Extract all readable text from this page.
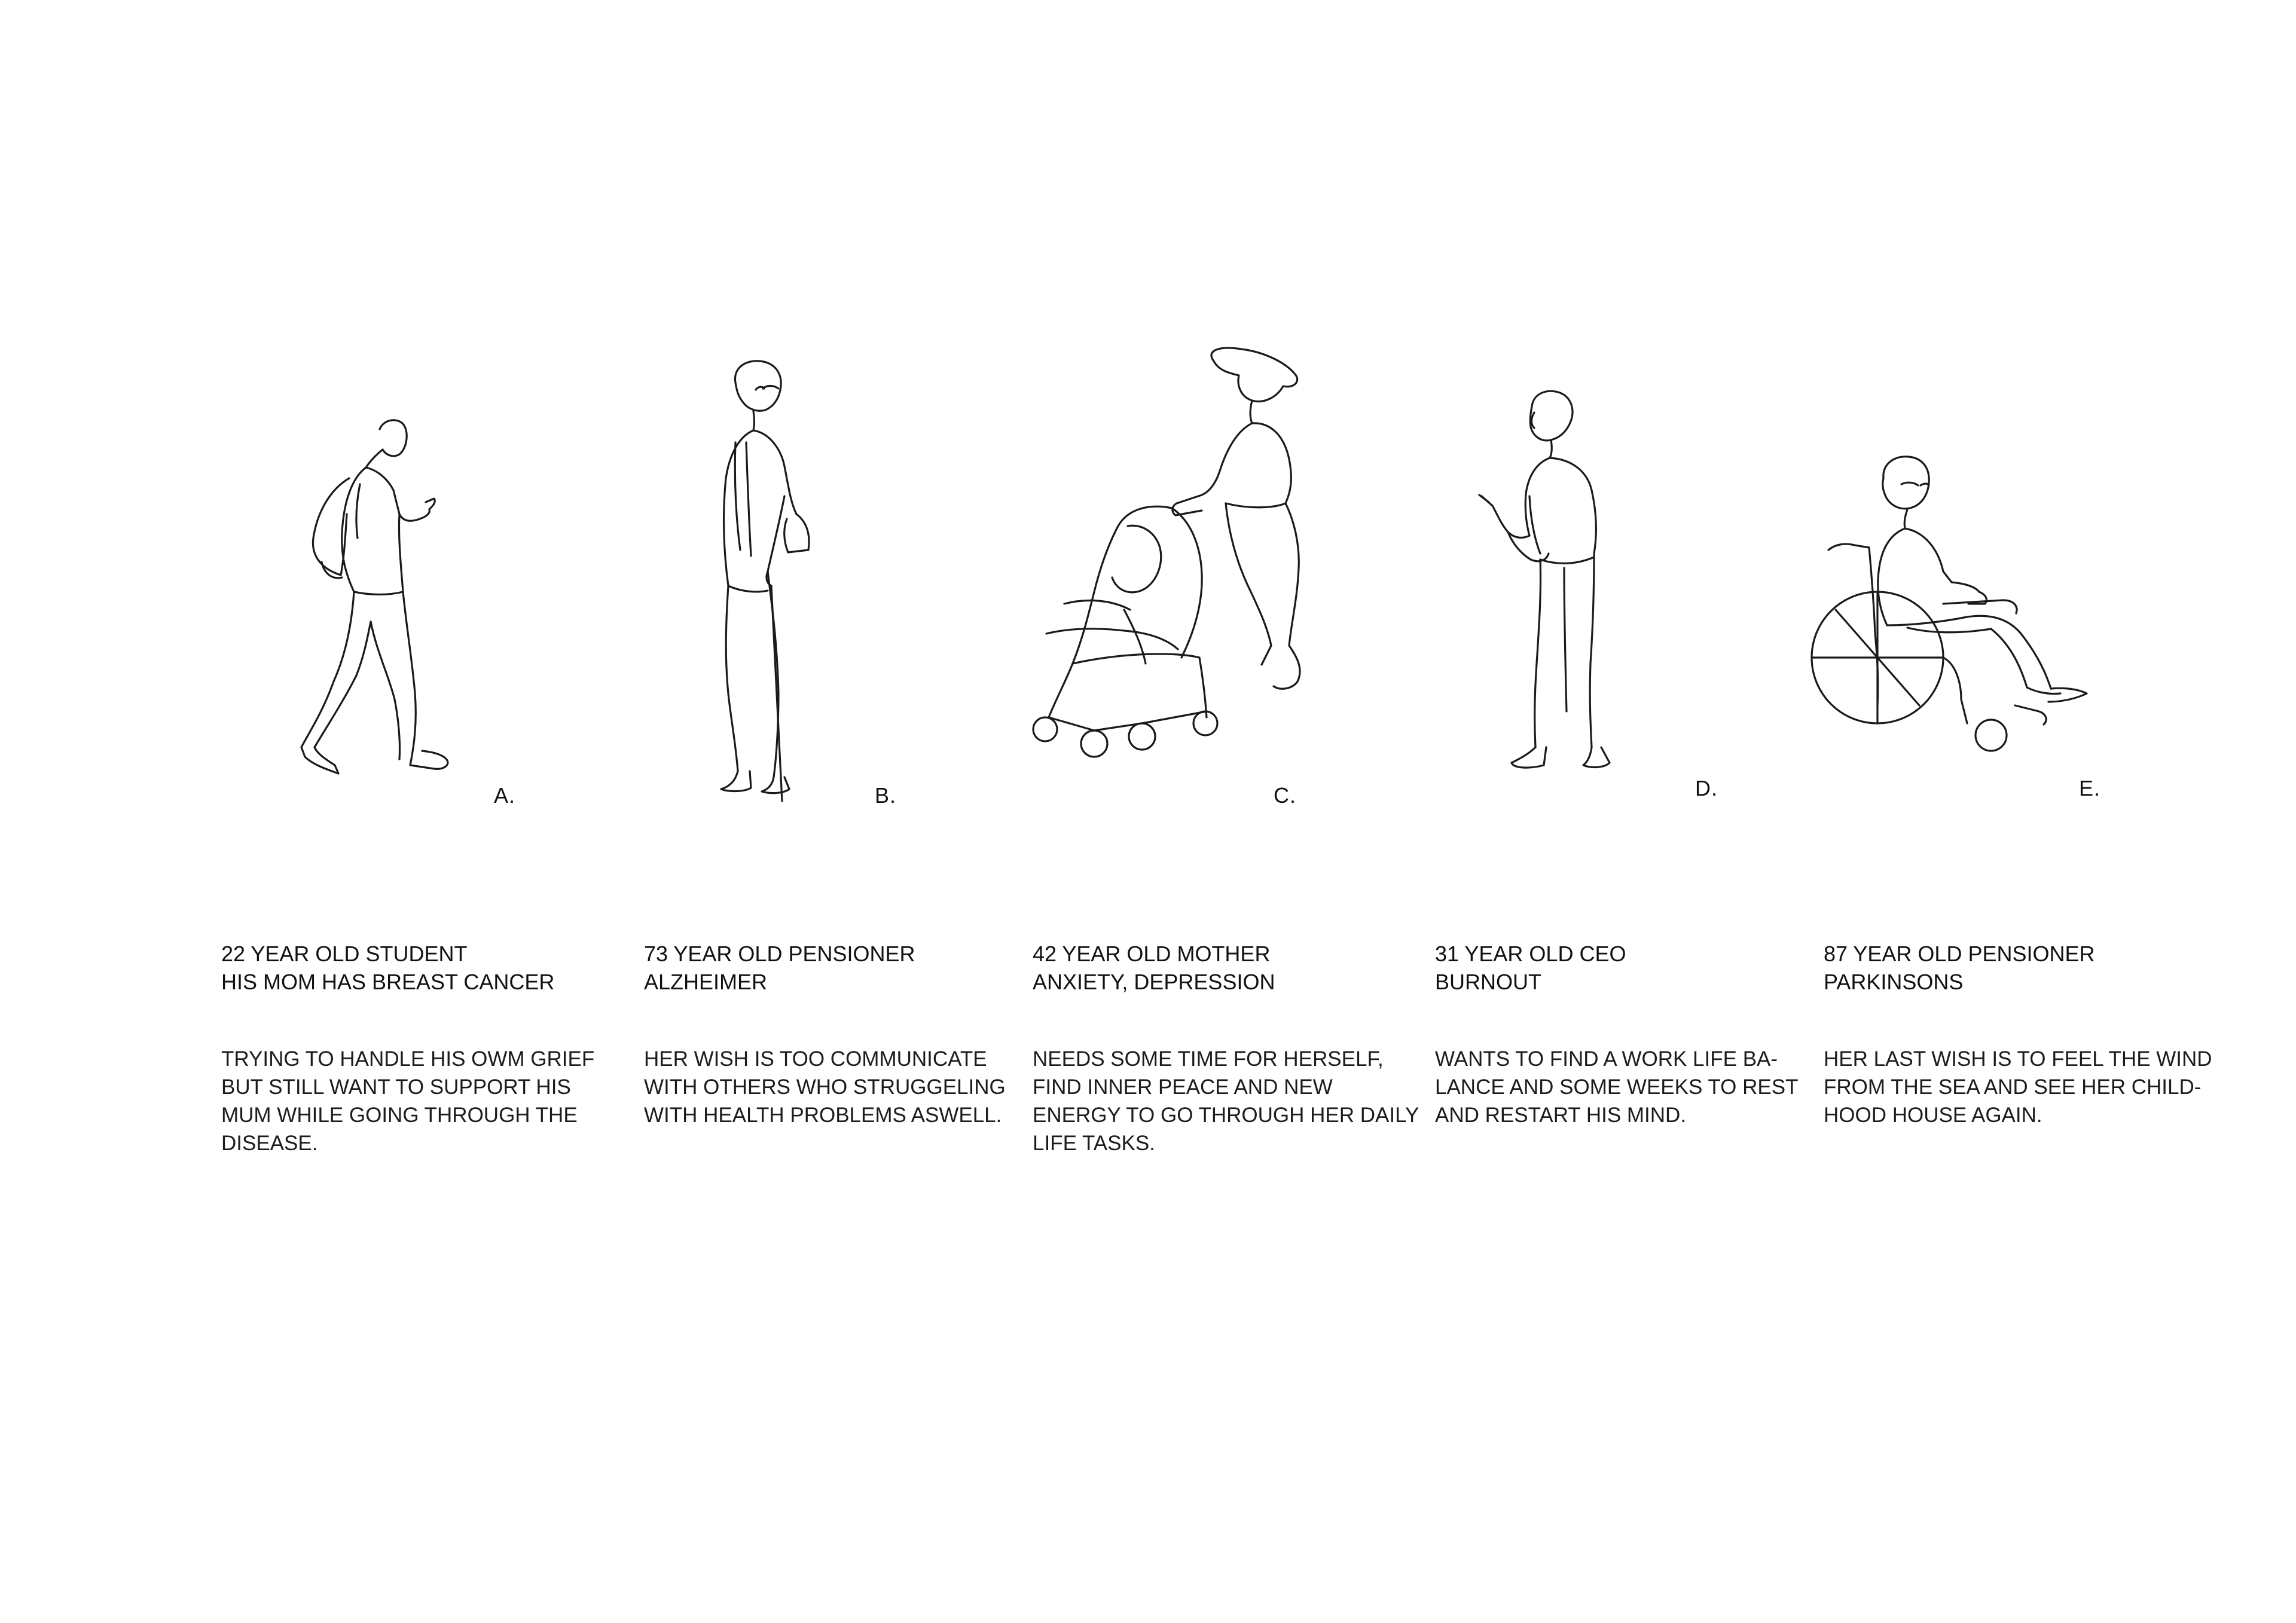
A.	B.	C.	D.	E.

22 YEAR OLD STUDENT
HIS MOM HAS BREAST CANCER

TRYING TO HANDLE HIS OWM GRIEF BUT STILL WANT TO SUPPORT HIS MUM WHILE GOING THROUGH THE DISEASE.

73 YEAR OLD PENSIONER
ALZHEIMER

HER WISH IS TOO COMMUNICATE WITH OTHERS WHO STRUGGELING WITH HEALTH PROBLEMS ASWELL.

42 YEAR OLD MOTHER
ANXIETY, DEPRESSION

NEEDS SOME TIME FOR HERSELF, FIND INNER PEACE AND NEW ENERGY TO GO THROUGH HER DAILY LIFE TASKS.

31 YEAR OLD CEO
BURNOUT

WANTS TO FIND A WORK LIFE BA- LANCE AND SOME WEEKS TO REST AND RESTART HIS MIND.

87 YEAR OLD PENSIONER
PARKINSONS

HER LAST WISH IS TO FEEL THE WIND FROM THE SEA AND SEE HER CHILD- HOOD HOUSE AGAIN.
